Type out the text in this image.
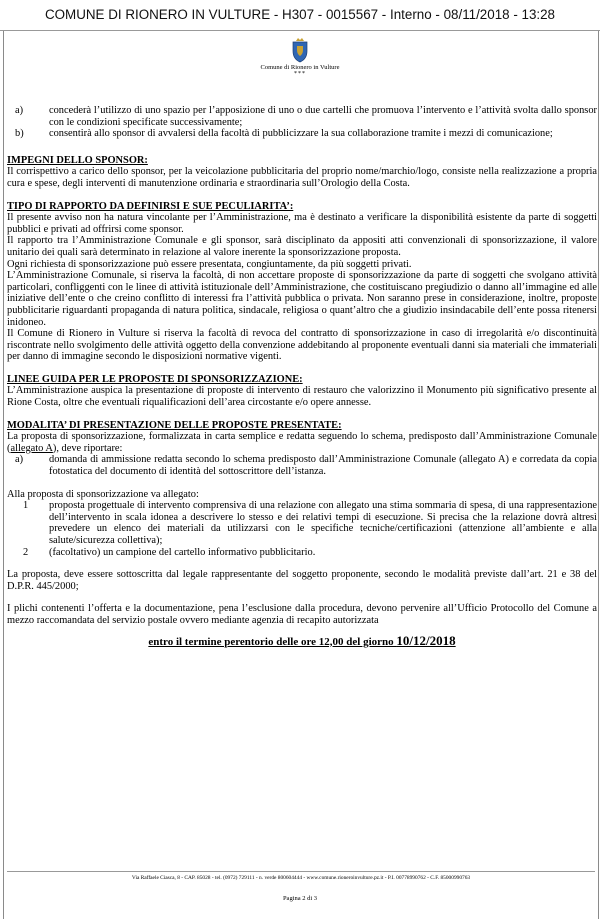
COMUNE DI RIONERO IN VULTURE - H307 - 0015567 - Interno - 08/11/2018 - 13:28
Comune di Rionero in Vulture
***
a)	concederà l’utilizzo di uno spazio per l’apposizione di uno o due cartelli che promuova l’intervento e l’attività svolta dallo sponsor con le condizioni specificate successivamente;
b)	consentirà allo sponsor di avvalersi della facoltà di pubblicizzare la sua collaborazione tramite i mezzi di comunicazione;

IMPEGNI DELLO SPONSOR:

Il corrispettivo a carico dello sponsor, per la veicolazione pubblicitaria del proprio nome/marchio/logo, consiste nella realizzazione a propria cura e spese, degli interventi di manutenzione ordinaria e straordinaria sull’Orologio della Costa.

TIPO DI RAPPORTO DA DEFINIRSI E SUE PECULIARITA’:

Il presente avviso non ha natura vincolante per l’Amministrazione, ma è destinato a verificare la disponibilità esistente da parte di soggetti pubblici e privati ad offrirsi come sponsor.

Il rapporto tra l’Amministrazione Comunale e gli sponsor, sarà disciplinato da appositi atti convenzionali di sponsorizzazione, il valore unitario dei quali sarà determinato in relazione al valore inerente la sponsorizzazione proposta.

Ogni richiesta di sponsorizzazione può essere presentata, congiuntamente, da più soggetti privati.

L’Amministrazione Comunale, si riserva la facoltà, di non accettare proposte di sponsorizzazione da parte di soggetti che svolgano attività particolari, confliggenti con le linee di attività istituzionale dell’Amministrazione, che costituiscano pregiudizio o danno all’immagine ed alle iniziative dell’ente o che creino conflitto di interessi fra l’attività pubblica o privata. Non saranno prese in considerazione, inoltre, proposte pubblicitarie riguardanti propaganda di natura politica, sindacale, religiosa o quant’altro che a giudizio insindacabile dell’ente possa ritenersi inidoneo.

Il Comune di Rionero in Vulture si riserva la facoltà di revoca del contratto di sponsorizzazione in caso di irregolarità e/o discontinuità riscontrate nello svolgimento delle attività oggetto della convenzione addebitando al proponente eventuali danni sia materiali che immateriali per danno di immagine secondo le disposizioni normative vigenti.

LINEE GUIDA PER LE PROPOSTE DI SPONSORIZZAZIONE:

L’Amministrazione auspica la presentazione di proposte di intervento di restauro che valorizzino il Monumento più significativo presente al Rione Costa, oltre che eventuali riqualificazioni dell’area circostante e/o opere annesse.

MODALITA’ DI PRESENTAZIONE DELLE PROPOSTE PRESENTATE:

La proposta di sponsorizzazione, formalizzata in carta semplice e redatta seguendo lo schema, predisposto dall’Amministrazione Comunale (allegato A), deve riportare:

a)	domanda di ammissione redatta secondo lo schema predisposto dall’Amministrazione Comunale (allegato A) e corredata da copia fotostatica del documento di identità del sottoscrittore dell’istanza.

Alla proposta di sponsorizzazione va allegato:

1	proposta progettuale di intervento comprensiva di una relazione con allegato una stima sommaria di spesa, di una rappresentazione dell’intervento in scala idonea a descrivere lo stesso e dei relativi tempi di esecuzione. Si precisa che la relazione dovrà altresì prevedere un elenco dei materiali da utilizzarsi con le specifiche tecniche/certificazioni (attenzione all’ambiente e alla salute/sicurezza collettiva);
2	(facoltativo) un campione del cartello informativo pubblicitario.

La proposta, deve essere sottoscritta dal legale rappresentante del soggetto proponente, secondo le modalità previste dall’art. 21 e 38 del D.P.R. 445/2000;

I plichi contenenti l’offerta e la documentazione, pena l’esclusione dalla procedura, devono pervenire all’Ufficio Protocollo del Comune a mezzo raccomandata del servizio postale ovvero mediante agenzia di recapito autorizzata

entro il termine perentorio delle ore 12,00 del giorno 10/12/2018

Via Raffaele Ciasca, 8 - CAP. 85028 - tel. (0972) 729111 - n. verde 800604444 - www.comune.rioneroinvulture.pz.it - P.I. 00778990762 - C.F. 85000990763
Pagina 2 di 3
